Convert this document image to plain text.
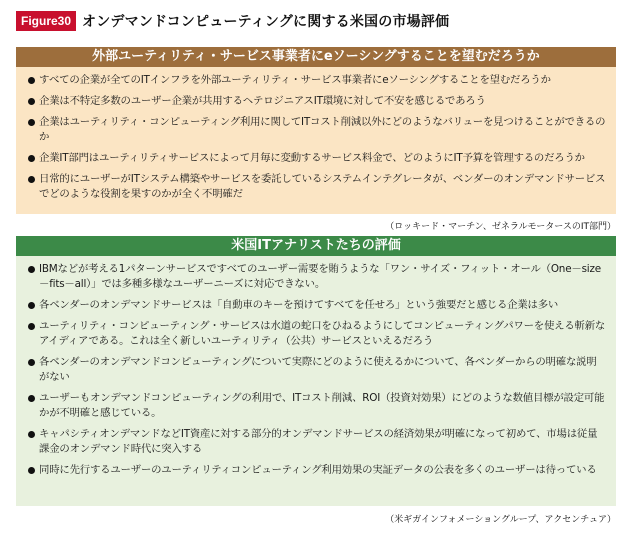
Figure30 オンデマンドコンピューティングに関する米国の市場評価
外部ユーティリティ・サービス事業者にeソーシングすることを望むだろうか
すべての企業が全てのITインフラを外部ユーティリティ・サービス事業者にeソーシングすることを望むだろうか
企業は不特定多数のユーザー企業が共用するヘテロジニアスIT環境に対して不安を感じるであろう
企業はユーティリティ・コンピューティング利用に関してITコスト削減以外にどのようなバリューを見つけることができるのか
企業IT部門はユーティリティサービスによって月毎に変動するサービス料金で、どのようにIT予算を管理するのだろうか
日常的にユーザーがITシステム構築やサービスを委託しているシステムインテグレータが、ベンダーのオンデマンドサービスでどのような役割を果すのかが全く不明確だ
（ロッキード・マーチン、ゼネラルモータースのIT部門）
米国ITアナリストたちの評価
IBMなどが考える1パターンサービスですべてのユーザー需要を賄うような「ワン・サイズ・フィット・オール（One－size－fits－all）」では多種多様なユーザーニーズに対応できない。
各ベンダーのオンデマンドサービスは「自動車のキーを預けてすべてを任せろ」という強要だと感じる企業は多い
ユーティリティ・コンピューティング・サービスは水道の蛇口をひねるようにしてコンピューティングパワーを使える斬新なアイディアである。これは全く新しいユーティリティ（公共）サービスといえるだろう
各ベンダーのオンデマンドコンピューティングについて実際にどのように使えるかについて、各ベンダーからの明確な説明がない
ユーザーもオンデマンドコンピューティングの利用で、ITコスト削減、ROI（投資対効果）にどのような数値目標が設定可能かが不明確と感じている。
キャパシティオンデマンドなどIT資産に対する部分的オンデマンドサービスの経済効果が明確になって初めて、市場は従量課金のオンデマンド時代に突入する
同時に先行するユーザーのユーティリティコンピューティング利用効果の実証データの公表を多くのユーザーは待っている
（米ギガインフォメーショングループ、アクセンチュア）
